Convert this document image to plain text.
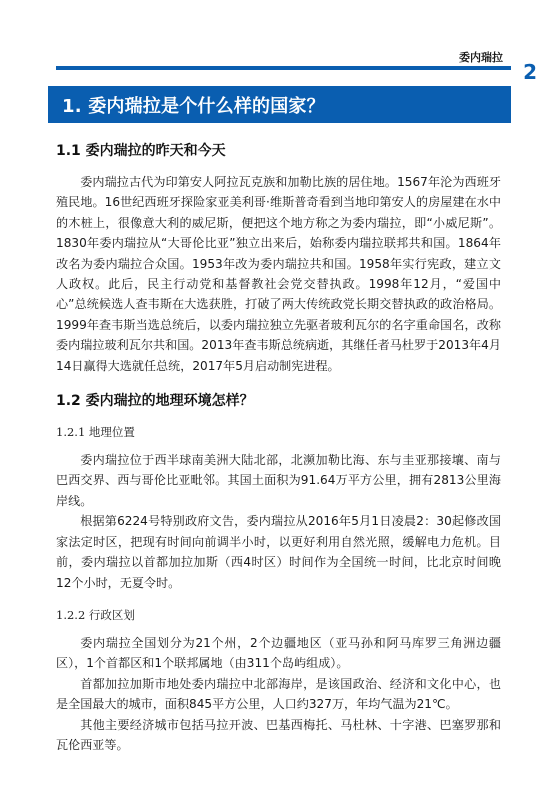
委内瑞拉
2
1. 委内瑞拉是个什么样的国家？
1.1 委内瑞拉的昨天和今天

委内瑞拉古代为印第安人阿拉瓦克族和加勒比族的居住地。1567年沦为西班牙殖民地。16世纪西班牙探险家亚美利哥·维斯普奇看到当地印第安人的房屋建在水中的木桩上，很像意大利的威尼斯，便把这个地方称之为委内瑞拉，即“小威尼斯”。1830年委内瑞拉从“大哥伦比亚”独立出来后，始称委内瑞拉联邦共和国。1864年改名为委内瑞拉合众国。1953年改为委内瑞拉共和国。1958年实行宪政，建立文人政权。此后，民主行动党和基督教社会党交替执政。1998年12月，“爱国中心”总统候选人查韦斯在大选获胜，打破了两大传统政党长期交替执政的政治格局。1999年查韦斯当选总统后，以委内瑞拉独立先驱者玻利瓦尔的名字重命国名，改称委内瑞拉玻利瓦尔共和国。2013年查韦斯总统病逝，其继任者马杜罗于2013年4月14日赢得大选就任总统，2017年5月启动制宪进程。

1.2 委内瑞拉的地理环境怎样？
1.2.1 地理位置

委内瑞拉位于西半球南美洲大陆北部，北濒加勒比海、东与圭亚那接壤、南与巴西交界、西与哥伦比亚毗邻。其国土面积为91.64万平方公里，拥有2813公里海岸线。

根据第6224号特别政府文告，委内瑞拉从2016年5月1日凌晨2：30起修改国家法定时区，把现有时间向前调半小时，以更好利用自然光照，缓解电力危机。目前，委内瑞拉以首都加拉加斯（西4时区）时间作为全国统一时间，比北京时间晚12个小时，无夏令时。

1.2.2 行政区划

委内瑞拉全国划分为21个州，2个边疆地区（亚马孙和阿马库罗三角洲边疆区），1个首都区和1个联邦属地（由311个岛屿组成）。

首都加拉加斯市地处委内瑞拉中北部海岸，是该国政治、经济和文化中心，也是全国最大的城市，面积845平方公里，人口约327万，年均气温为21℃。

其他主要经济城市包括马拉开波、巴基西梅托、马杜林、十字港、巴塞罗那和瓦伦西亚等。
